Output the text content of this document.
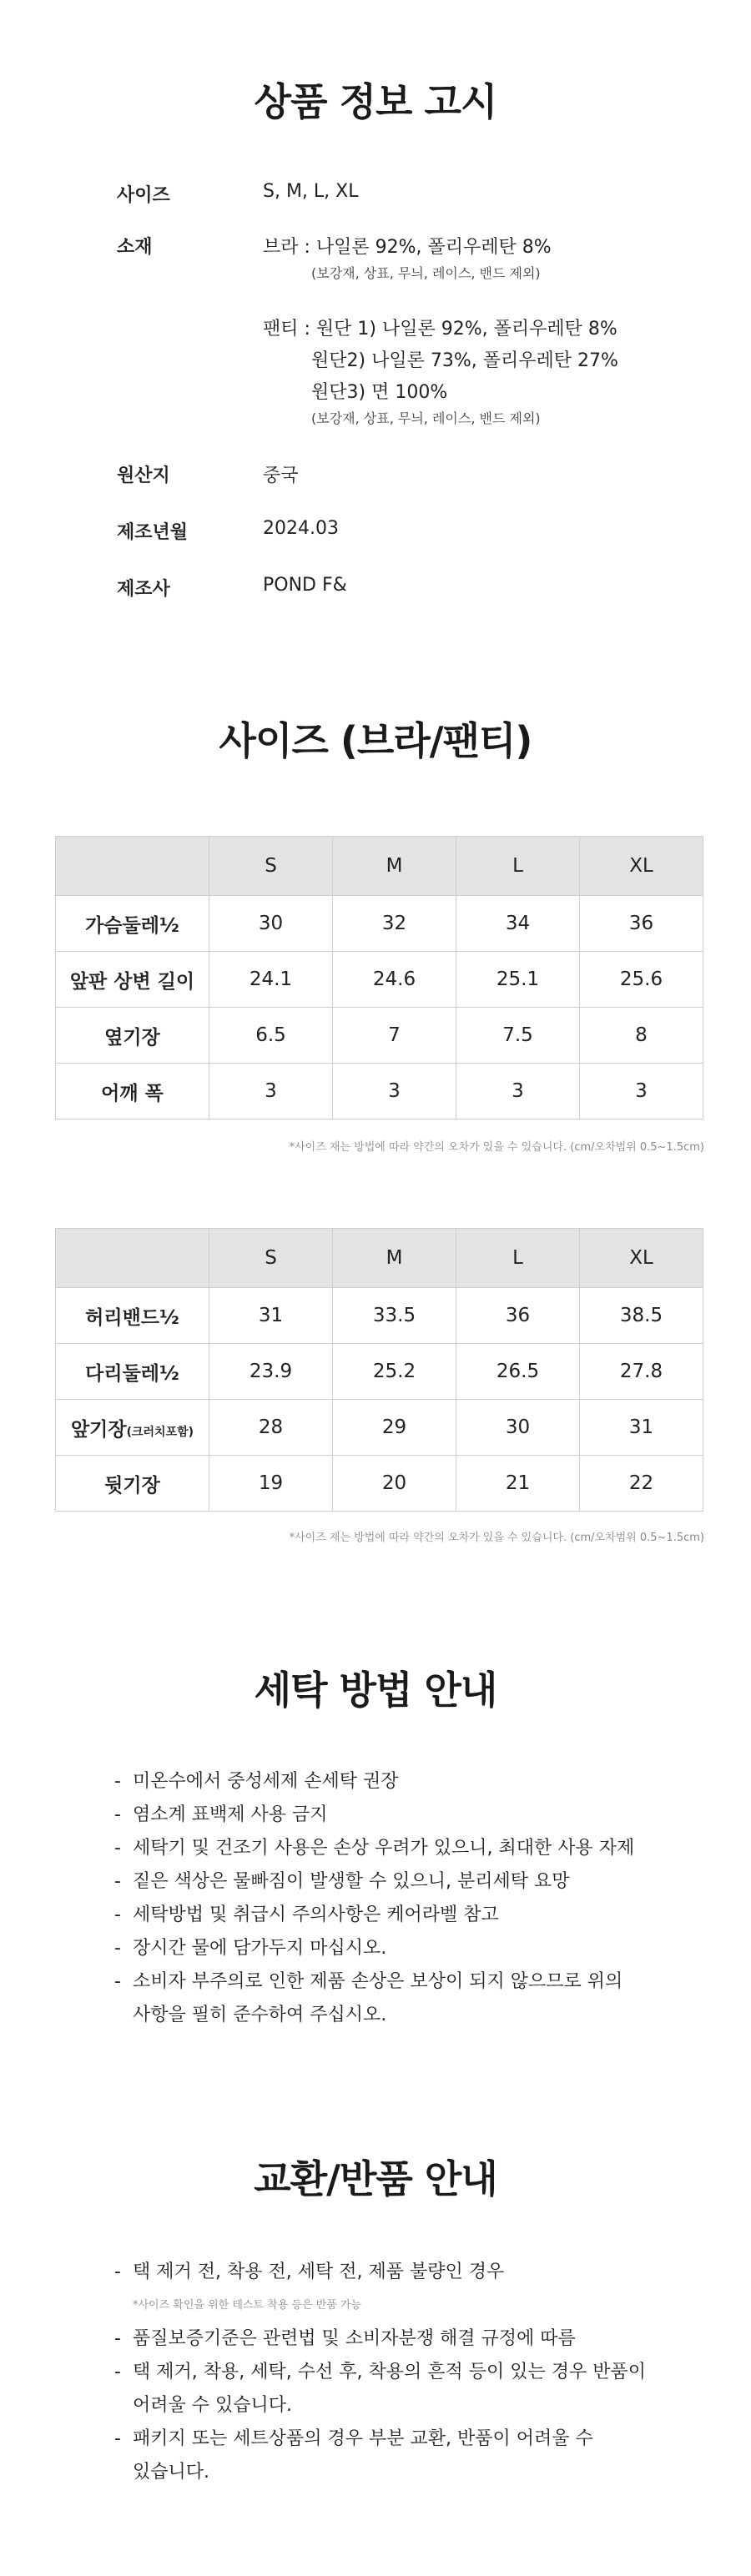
상품 정보 고시
사이즈	S, M, L, XL
소재	브라 : 나일론 92%, 폴리우레탄 8%
(보강재, 상표, 무늬, 레이스, 밴드 제외)
팬티 : 원단 1) 나일론 92%, 폴리우레탄 8%
원단2) 나일론 73%, 폴리우레탄 27%
원단3) 면 100%
(보강재, 상표, 무늬, 레이스, 밴드 제외)
원산지	중국
제조년월	2024.03
제조사	POND F&
사이즈 (브라/팬티)
	S	M	L	XL
가슴둘레½	30	32	34	36
앞판 상변 길이	24.1	24.6	25.1	25.6
옆기장	6.5	7	7.5	8
어깨 폭	3	3	3	3
*사이즈 재는 방법에 따라 약간의 오차가 있을 수 있습니다. (cm/오차범위 0.5~1.5cm)
	S	M	L	XL
허리밴드½	31	33.5	36	38.5
다리둘레½	23.9	25.2	26.5	27.8
앞기장(크러치포함)	28	29	30	31
뒷기장	19	20	21	22
*사이즈 재는 방법에 따라 약간의 오차가 있을 수 있습니다. (cm/오차범위 0.5~1.5cm)
세탁 방법 안내
- 미온수에서 중성세제 손세탁 권장
- 염소계 표백제 사용 금지
- 세탁기 및 건조기 사용은 손상 우려가 있으니, 최대한 사용 자제
- 짙은 색상은 물빠짐이 발생할 수 있으니, 분리세탁 요망
- 세탁방법 및 취급시 주의사항은 케어라벨 참고
- 장시간 물에 담가두지 마십시오.
- 소비자 부주의로 인한 제품 손상은 보상이 되지 않으므로 위의
사항을 필히 준수하여 주십시오.
교환/반품 안내
- 택 제거 전, 착용 전, 세탁 전, 제품 불량인 경우
*사이즈 확인을 위한 테스트 착용 등은 반품 가능
- 품질보증기준은 관련법 및 소비자분쟁 해결 규정에 따름
- 택 제거, 착용, 세탁, 수선 후, 착용의 흔적 등이 있는 경우 반품이
어려울 수 있습니다.
- 패키지 또는 세트상품의 경우 부분 교환, 반품이 어려울 수
있습니다.
